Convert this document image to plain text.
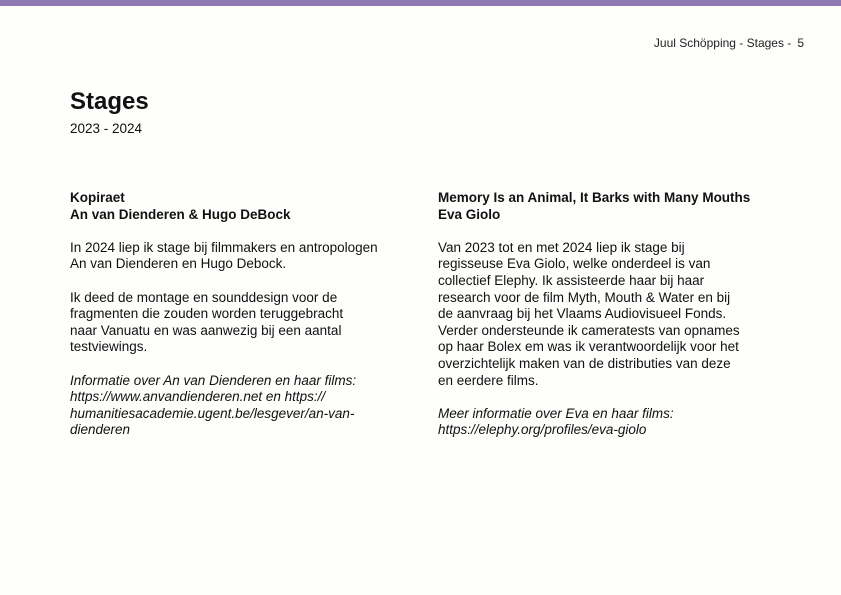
Juul Schöpping - Stages - 5
Stages
2023 - 2024
Kopiraet
An van Dienderen & Hugo DeBock

In 2024 liep ik stage bij filmmakers en antropologen
An van Dienderen en Hugo Debock.

Ik deed de montage en sounddesign voor de
fragmenten die zouden worden teruggebracht
naar Vanuatu en was aanwezig bij een aantal
testviewings.

Informatie over An van Dienderen en haar films:
https://www.anvandienderen.net en https://
humanitiesacademie.ugent.be/lesgever/an-van-
dienderen

Memory Is an Animal, It Barks with Many Mouths
Eva Giolo

Van 2023 tot en met 2024 liep ik stage bij
regisseuse Eva Giolo, welke onderdeel is van
collectief Elephy. Ik assisteerde haar bij haar
research voor de film Myth, Mouth & Water en bij
de aanvraag bij het Vlaams Audiovisueel Fonds.
Verder ondersteunde ik cameratests van opnames
op haar Bolex em was ik verantwoordelijk voor het
overzichtelijk maken van de distributies van deze
en eerdere films.

Meer informatie over Eva en haar films:
https://elephy.org/profiles/eva-giolo
